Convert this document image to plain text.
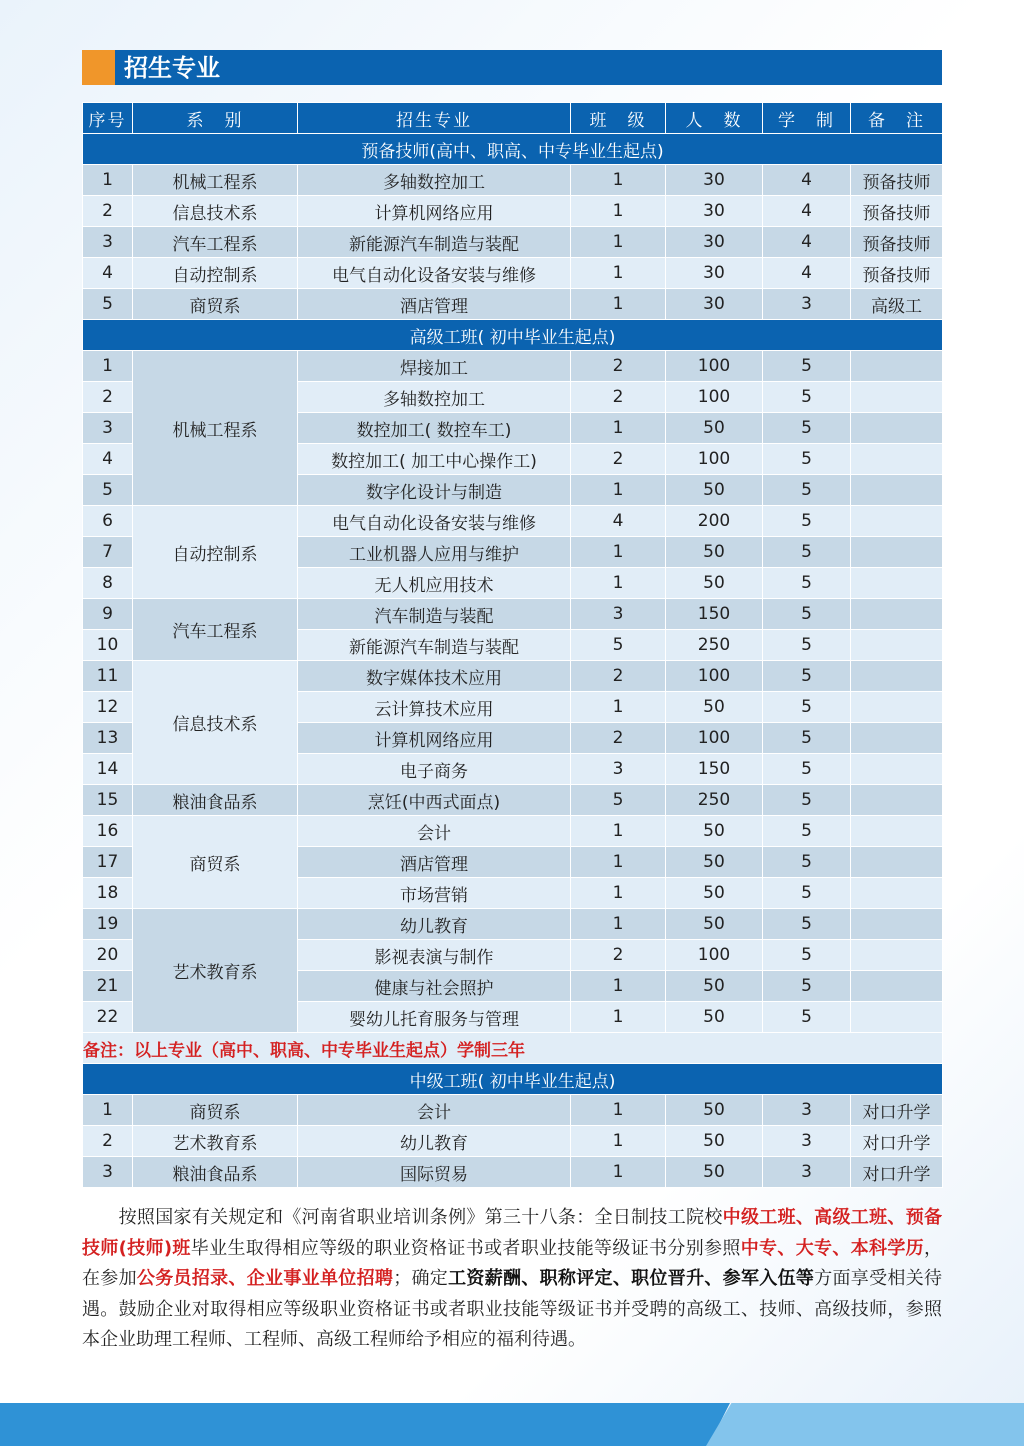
招生专业
序号	系　别	招生专业	班　级	人　数	学　制	备　注
预备技师(高中、职高、中专毕业生起点)						
1	机械工程系	多轴数控加工	1	30	4	预备技师
2	信息技术系	计算机网络应用	1	30	4	预备技师
3	汽车工程系	新能源汽车制造与装配	1	30	4	预备技师
4	自动控制系	电气自动化设备安装与维修	1	30	4	预备技师
5	商贸系	酒店管理	1	30	3	高级工
高级工班( 初中毕业生起点)						
1	机械工程系	焊接加工	2	100	5	
2		多轴数控加工	2	100	5	
3		数控加工( 数控车工)	1	50	5	
4		数控加工( 加工中心操作工)	2	100	5	
5		数字化设计与制造	1	50	5	
6	自动控制系	电气自动化设备安装与维修	4	200	5	
7		工业机器人应用与维护	1	50	5	
8		无人机应用技术	1	50	5	
9	汽车工程系	汽车制造与装配	3	150	5	
10		新能源汽车制造与装配	5	250	5	
11	信息技术系	数字媒体技术应用	2	100	5	
12		云计算技术应用	1	50	5	
13		计算机网络应用	2	100	5	
14		电子商务	3	150	5	
15	粮油食品系	烹饪(中西式面点)	5	250	5	
16	商贸系	会计	1	50	5	
17		酒店管理	1	50	5	
18		市场营销	1	50	5	
19	艺术教育系	幼儿教育	1	50	5	
20		影视表演与制作	2	100	5	
21		健康与社会照护	1	50	5	
22		婴幼儿托育服务与管理	1	50	5	
备注：以上专业（高中、职高、中专毕业生起点）学制三年						
中级工班( 初中毕业生起点)						
1	商贸系	会计	1	50	3	对口升学
2	艺术教育系	幼儿教育	1	50	3	对口升学
3	粮油食品系	国际贸易	1	50	3	对口升学

　　按照国家有关规定和《河南省职业培训条例》第三十八条：全日制技工院校中级工班、高级工班、预备技师(技师)班毕业生取得相应等级的职业资格证书或者职业技能等级证书分别参照中专、大专、本科学历，在参加公务员招录、企业事业单位招聘；确定工资薪酬、职称评定、职位晋升、参军入伍等方面享受相关待遇。鼓励企业对取得相应等级职业资格证书或者职业技能等级证书并受聘的高级工、技师、高级技师，参照本企业助理工程师、工程师、高级工程师给予相应的福利待遇。
